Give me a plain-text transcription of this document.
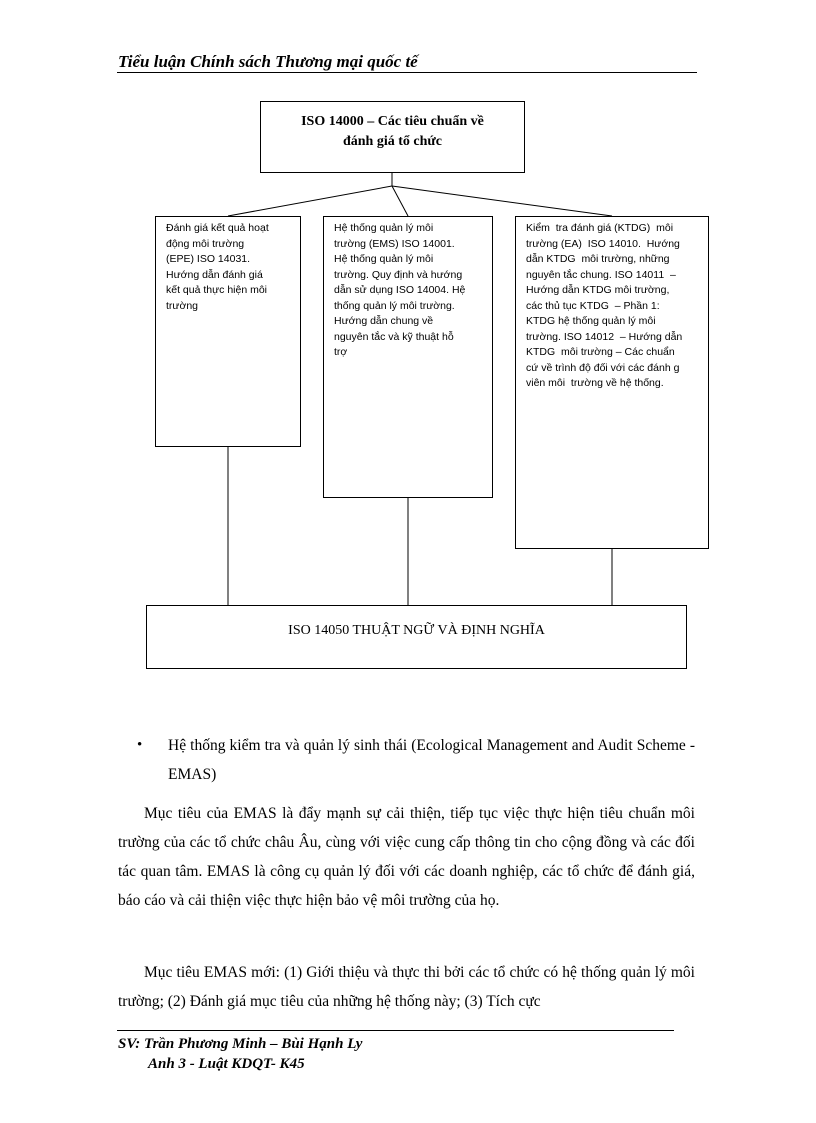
Tiểu luận Chính sách Thương mại quốc tế
ISO 14000 – Các tiêu chuẩn về
đánh giá tổ chức
Đánh giá kết quả hoạt
động môi trường
(EPE) ISO 14031.
Hướng dẫn đánh giá
kết quả thực hiện môi
trường
Hệ thống quản lý môi
trường (EMS) ISO 14001.
Hệ thống quản lý môi
trường. Quy định và hướng
dẫn sử dụng ISO 14004. Hệ
thống quản lý môi trường.
Hướng dẫn chung về
nguyên tắc và kỹ thuật hỗ
trợ
Kiểm  tra đánh giá (KTDG)  môi
trường (EA)  ISO 14010.  Hướng
dẫn KTDG  môi trường, những
nguyên tắc chung. ISO 14011  –
Hướng dẫn KTDG môi trường,
các thủ tục KTDG  – Phần 1:
KTDG hệ thống quản lý môi
trường. ISO 14012  – Hướng dẫn
KTDG  môi trường – Các chuẩn
cứ về trình độ đối với các đánh g
viên môi  trường về hệ thống.
ISO 14050 THUẬT NGỮ VÀ ĐỊNH NGHĨA
• Hệ thống kiểm tra và quản lý sinh thái (Ecological Management and Audit Scheme - EMAS)
Mục tiêu của EMAS là đẩy mạnh sự cải thiện, tiếp tục việc thực hiện tiêu chuẩn môi trường của các tổ chức châu Âu, cùng với việc cung cấp thông tin cho cộng đồng và các đối tác quan tâm. EMAS là công cụ quản lý đối với các doanh nghiệp, các tổ chức để đánh giá, báo cáo và cải thiện việc thực hiện bảo vệ môi trường của họ.
Mục tiêu EMAS mới: (1) Giới thiệu và thực thi bởi các tổ chức có hệ thống quản lý môi trường; (2) Đánh giá mục tiêu của những hệ thống này; (3) Tích cực
SV: Trần Phương Minh – Bùi Hạnh Ly
Anh 3 - Luật KDQT- K45
